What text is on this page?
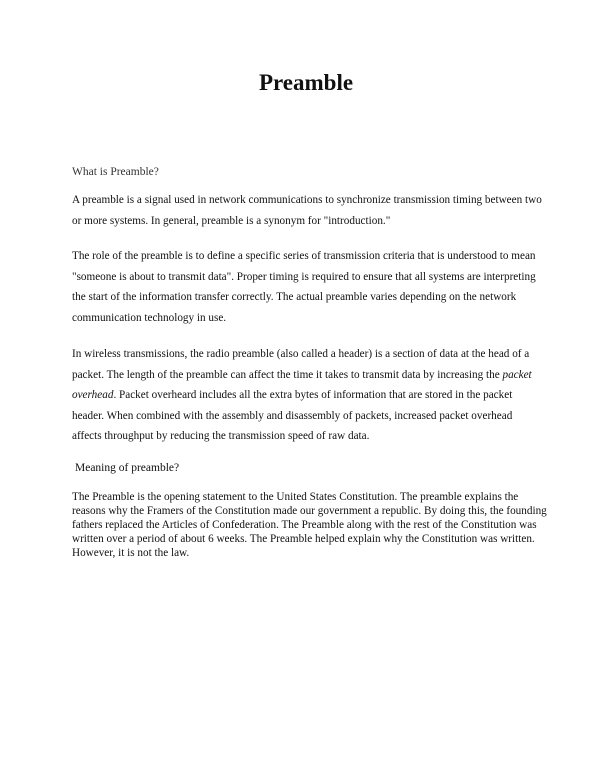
Preamble

What is Preamble?

A preamble is a signal used in network communications to synchronize transmission timing between two or more systems. In general, preamble is a synonym for "introduction."

The role of the preamble is to define a specific series of transmission criteria that is understood to mean "someone is about to transmit data". Proper timing is required to ensure that all systems are interpreting the start of the information transfer correctly. The actual preamble varies depending on the network communication technology in use.

In wireless transmissions, the radio preamble (also called a header) is a section of data at the head of a packet. The length of the preamble can affect the time it takes to transmit data by increasing the packet overhead. Packet overheard includes all the extra bytes of information that are stored in the packet header. When combined with the assembly and disassembly of packets, increased packet overhead affects throughput by reducing the transmission speed of raw data.

Meaning of preamble?

The Preamble is the opening statement to the United States Constitution. The preamble explains the reasons why the Framers of the Constitution made our government a republic. By doing this, the founding fathers replaced the Articles of Confederation. The Preamble along with the rest of the Constitution was written over a period of about 6 weeks. The Preamble helped explain why the Constitution was written. However, it is not the law.
